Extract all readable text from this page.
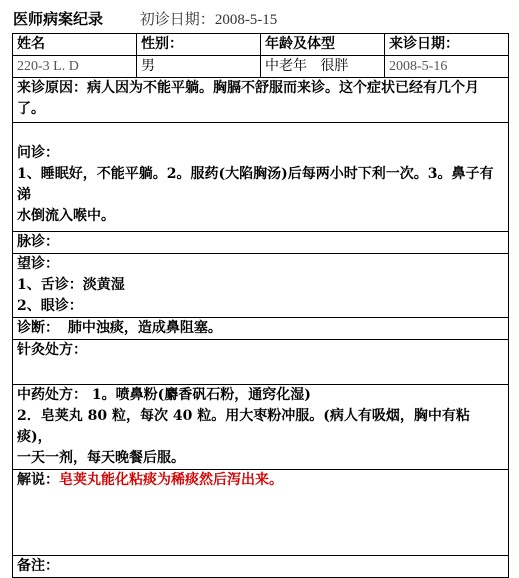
医师病案纪录 初诊日期：2008-5-15
姓名	性别：	年龄及体型	来诊日期：
220-3 L. D	男	中老年 很胖	2008-5-16
来诊原因：病人因为不能平躺。胸膈不舒服而来诊。这个症状已经有几个月了。			

问诊：
1、睡眠好，不能平躺。2。服药(大陷胸汤)后每两小时下利一次。3。鼻子有涕
水倒流入喉中。			

脉诊：			

望诊：
1、舌诊：淡黄湿
2、眼诊：			

诊断： 肺中浊痰，造成鼻阻塞。			
针灸处方：			

中药处方： 1。喷鼻粉(麝香矾石粉，通窍化湿)
2．皂荚丸 80 粒，每次 40 粒。用大枣粉冲服。(病人有吸烟，胸中有粘痰)，
一天一剂，每天晚餐后服。			

解说：皂荚丸能化粘痰为稀痰然后泻出来。			
备注：			
